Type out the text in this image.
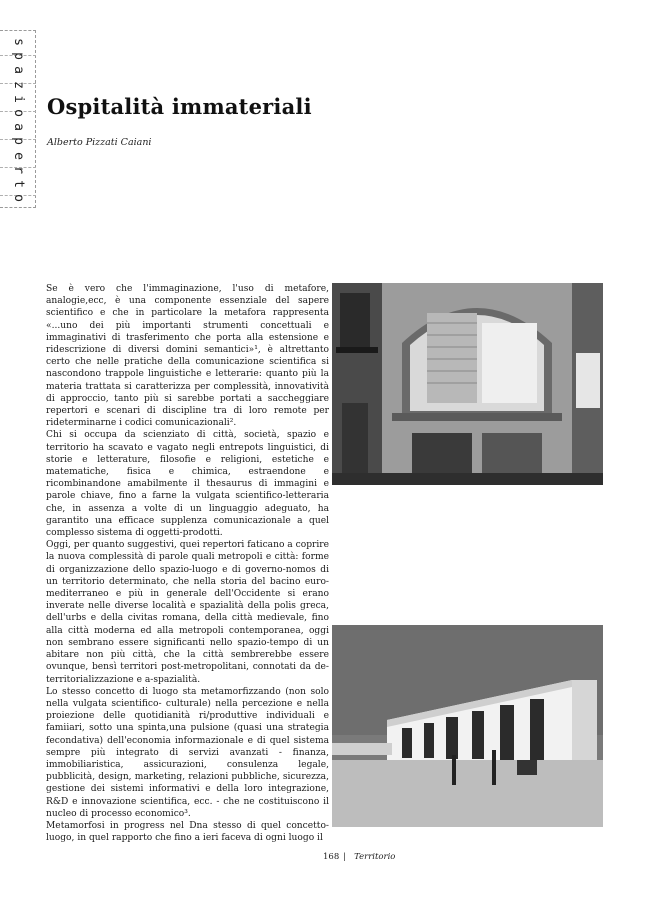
s
p
a
z
i
o
a
p
e
r
t
o
Ospitalità immateriali
Alberto Pizzati Caiani

Se è vero che l'immaginazione, l'uso di metafore, analogie,ecc, è una componente essenziale del sapere scientifico e che in particolare la metafora rappresenta «...uno dei più importanti strumenti concettuali e immaginativi di trasferimento che porta alla estensione e ridescrizione di diversi domini semantici»¹, è altrettanto certo che nelle pratiche della comunicazione scientifica si nascondono trappole linguistiche e letterarie: quanto più la materia trattata si caratterizza per complessità, innovatività di approccio, tanto più si sarebbe portati a saccheggiare repertori e scenari di discipline tra di loro remote per rideterminarne i codici comunicazionali².

Chi si occupa da scienziato di città, società, spazio e territorio ha scavato e vagato negli entrepots linguistici, di storie e letterature, filosofie e religioni, estetiche e matematiche, fisica e chimica, estraendone e ricombinandone amabilmente il thesaurus di immagini e parole chiave, fino a farne la vulgata scientifico-letteraria che, in assenza a volte di un linguaggio adeguato, ha garantito una efficace supplenza comunicazionale a quel complesso sistema di oggetti-prodotti.

Oggi, per quanto suggestivi, quei repertori faticano a coprire la nuova complessità di parole quali metropoli e città: forme di organizzazione dello spazio-luogo e di governo-nomos di un territorio determinato, che nella storia del bacino euro-mediterraneo e più in generale dell'Occidente si erano inverate nelle diverse località e spazialità della polis greca, dell'urbs e della civitas romana, della città medievale, fino alla città moderna ed alla metropoli contemporanea, oggi non sembrano essere significanti nello spazio-tempo di un abitare non più città, che la città sembrerebbe essere ovunque, bensì territori post-metropolitani, connotati da de-territorializzazione e a-spazialità.

Lo stesso concetto di luogo sta metamorfizzando (non solo nella vulgata scientifico- culturale) nella percezione e nella proiezione delle quotidianità ri/produttive individuali e famiiari, sotto una spinta,una pulsione (quasi una strategia fecondativa) dell'economia informazionale e di quel sistema sempre più integrato di servizi avanzati - finanza, immobiliaristica, assicurazioni, consulenza legale, pubblicità, design, marketing, relazioni pubbliche, sicurezza, gestione dei sistemi informativi e della loro integrazione, R&D e innovazione scientifica, ecc. - che ne costituiscono il nucleo di processo economico³.

Metamorfosi in progress nel Dna stesso di quel concetto-luogo, in quel rapporto che fino a ieri faceva di ogni luogo il

168 | Territorio
